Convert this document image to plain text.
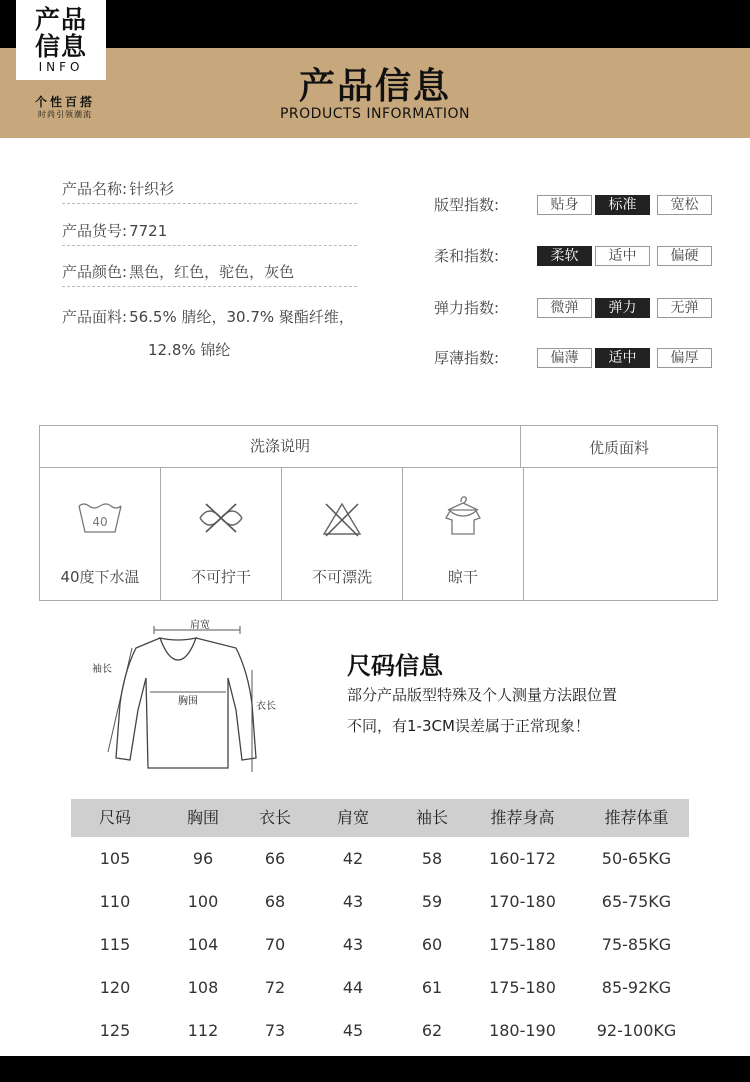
产品
信息
INFO
个性百搭
时尚引领潮流
产品信息
PRODUCTS INFORMATION
产品名称: 针织衫
产品货号: 7721
产品颜色: 黑色，红色，驼色，灰色
产品面料: 56.5% 腈纶，30.7% 聚酯纤维，
12.8% 锦纶
版型指数:	贴身	标准	宽松
柔和指数:	柔软	适中	偏硬
弹力指数:	微弹	弹力	无弹
厚薄指数:	偏薄	适中	偏厚
洗涤说明	优质面料
40
40度下水温	不可拧干	不可漂洗	晾干
肩宽
袖长
衣长
胸围
尺码信息
部分产品版型特殊及个人测量方法跟位置
不同，有1-3CM误差属于正常现象！
尺码	胸围	衣长	肩宽	袖长	推荐身高	推荐体重
105	96	66	42	58	160-172	50-65KG
110	100	68	43	59	170-180	65-75KG
115	104	70	43	60	175-180	75-85KG
120	108	72	44	61	175-180	85-92KG
125	112	73	45	62	180-190	92-100KG
